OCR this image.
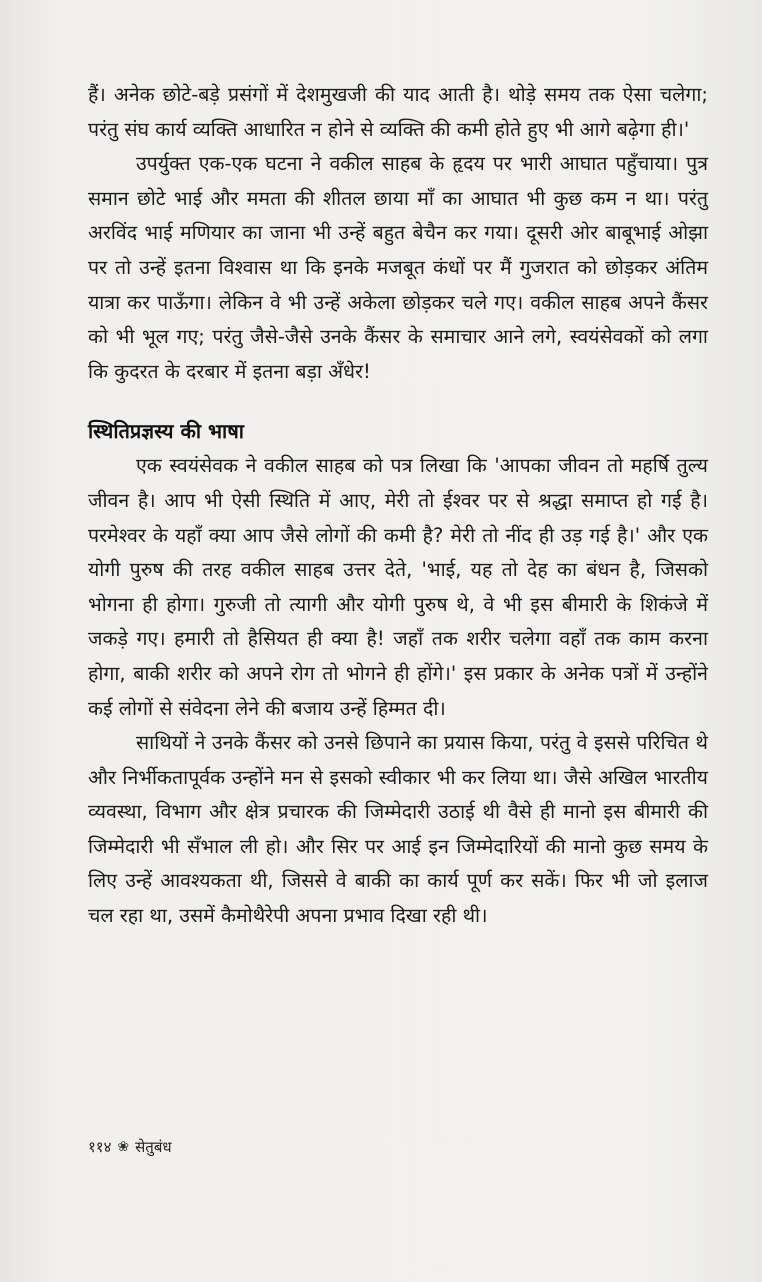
हैं। अनेक छोटे-बड़े प्रसंगों में देशमुखजी की याद आती है। थोड़े समय तक ऐसा चलेगा; परंतु संघ कार्य व्यक्ति आधारित न होने से व्यक्ति की कमी होते हुए भी आगे बढ़ेगा ही।'

उपर्युक्त एक-एक घटना ने वकील साहब के हृदय पर भारी आघात पहुँचाया। पुत्र समान छोटे भाई और ममता की शीतल छाया माँ का आघात भी कुछ कम न था। परंतु अरविंद भाई मणियार का जाना भी उन्हें बहुत बेचैन कर गया। दूसरी ओर बाबूभाई ओझा पर तो उन्हें इतना विश्वास था कि इनके मजबूत कंधों पर मैं गुजरात को छोड़कर अंतिम यात्रा कर पाऊँगा। लेकिन वे भी उन्हें अकेला छोड़कर चले गए। वकील साहब अपने कैंसर को भी भूल गए; परंतु जैसे-जैसे उनके कैंसर के समाचार आने लगे, स्वयंसेवकों को लगा कि कुदरत के दरबार में इतना बड़ा अँधेर!

स्थितिप्रज्ञस्य की भाषा

एक स्वयंसेवक ने वकील साहब को पत्र लिखा कि 'आपका जीवन तो महर्षि तुल्य जीवन है। आप भी ऐसी स्थिति में आए, मेरी तो ईश्वर पर से श्रद्धा समाप्त हो गई है। परमेश्वर के यहाँ क्या आप जैसे लोगों की कमी है? मेरी तो नींद ही उड़ गई है।' और एक योगी पुरुष की तरह वकील साहब उत्तर देते, 'भाई, यह तो देह का बंधन है, जिसको भोगना ही होगा। गुरुजी तो त्यागी और योगी पुरुष थे, वे भी इस बीमारी के शिकंजे में जकड़े गए। हमारी तो हैसियत ही क्या है! जहाँ तक शरीर चलेगा वहाँ तक काम करना होगा, बाकी शरीर को अपने रोग तो भोगने ही होंगे।' इस प्रकार के अनेक पत्रों में उन्होंने कई लोगों से संवेदना लेने की बजाय उन्हें हिम्मत दी।

साथियों ने उनके कैंसर को उनसे छिपाने का प्रयास किया, परंतु वे इससे परिचित थे और निर्भीकतापूर्वक उन्होंने मन से इसको स्वीकार भी कर लिया था। जैसे अखिल भारतीय व्यवस्था, विभाग और क्षेत्र प्रचारक की जिम्मेदारी उठाई थी वैसे ही मानो इस बीमारी की जिम्मेदारी भी सँभाल ली हो। और सिर पर आई इन जिम्मेदारियों की मानो कुछ समय के लिए उन्हें आवश्यकता थी, जिससे वे बाकी का कार्य पूर्ण कर सकें। फिर भी जो इलाज चल रहा था, उसमें कैमोथैरेपी अपना प्रभाव दिखा रही थी।

११४ ❀ सेतुबंध
